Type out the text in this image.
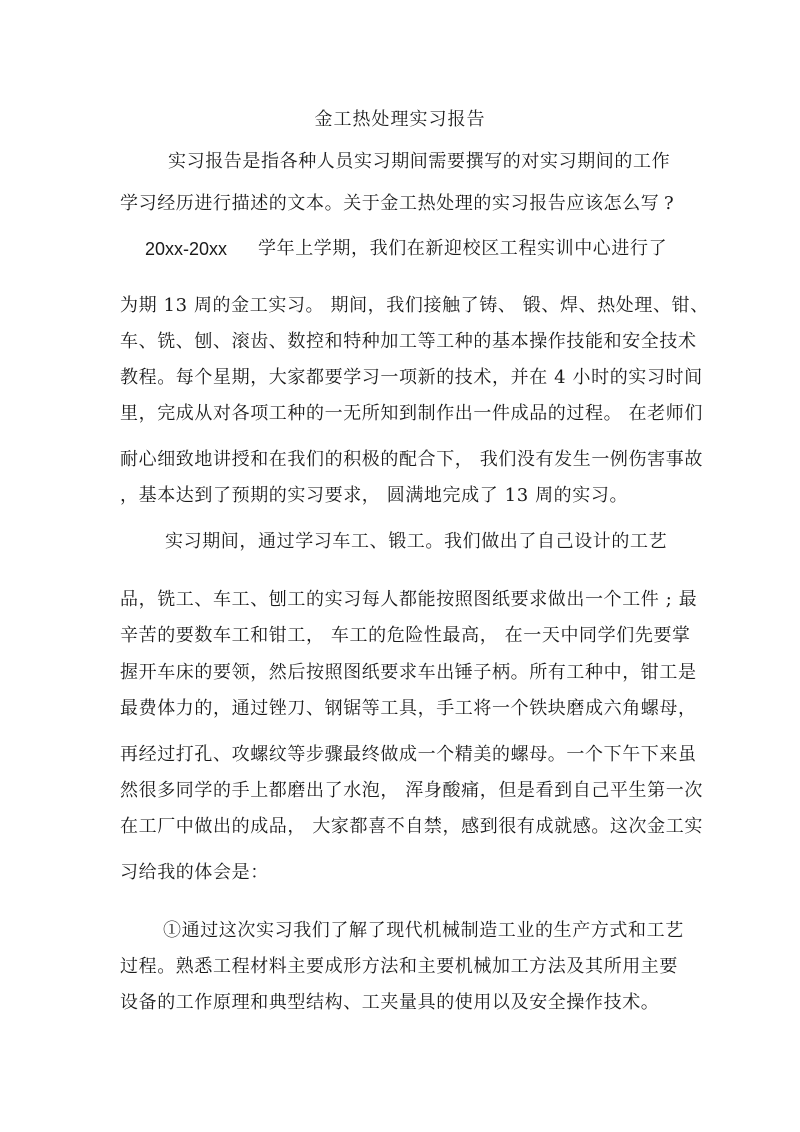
金工热处理实习报告
实习报告是指各种人员实习期间需要撰写的对实习期间的工作
学习经历进行描述的文本。关于金工热处理的实习报告应该怎么写 ?
20xx-20xx 学年上学期，我们在新迎校区工程实训中心进行了
为期 13 周的金工实习。 期间，我们接触了铸、 锻、焊、热处理、钳、
车、铣、刨、滚齿、数控和特种加工等工种的基本操作技能和安全技术
教程。每个星期，大家都要学习一项新的技术，并在 4 小时的实习时间
里，完成从对各项工种的一无所知到制作出一件成品的过程。 在老师们
耐心细致地讲授和在我们的积极的配合下， 我们没有发生一例伤害事故
，基本达到了预期的实习要求， 圆满地完成了 13 周的实习。
实习期间，通过学习车工、锻工。我们做出了自己设计的工艺
品，铣工、车工、刨工的实习每人都能按照图纸要求做出一个工件 ; 最
辛苦的要数车工和钳工， 车工的危险性最高， 在一天中同学们先要掌
握开车床的要领，然后按照图纸要求车出锤子柄。所有工种中，钳工是
最费体力的，通过锉刀、钢锯等工具，手工将一个铁块磨成六角螺母，
再经过打孔、攻螺纹等步骤最终做成一个精美的螺母。一个下午下来虽
然很多同学的手上都磨出了水泡， 浑身酸痛，但是看到自己平生第一次
在工厂中做出的成品， 大家都喜不自禁，感到很有成就感。这次金工实
习给我的体会是：
①通过这次实习我们了解了现代机械制造工业的生产方式和工艺
过程。熟悉工程材料主要成形方法和主要机械加工方法及其所用主要
设备的工作原理和典型结构、工夹量具的使用以及安全操作技术。
